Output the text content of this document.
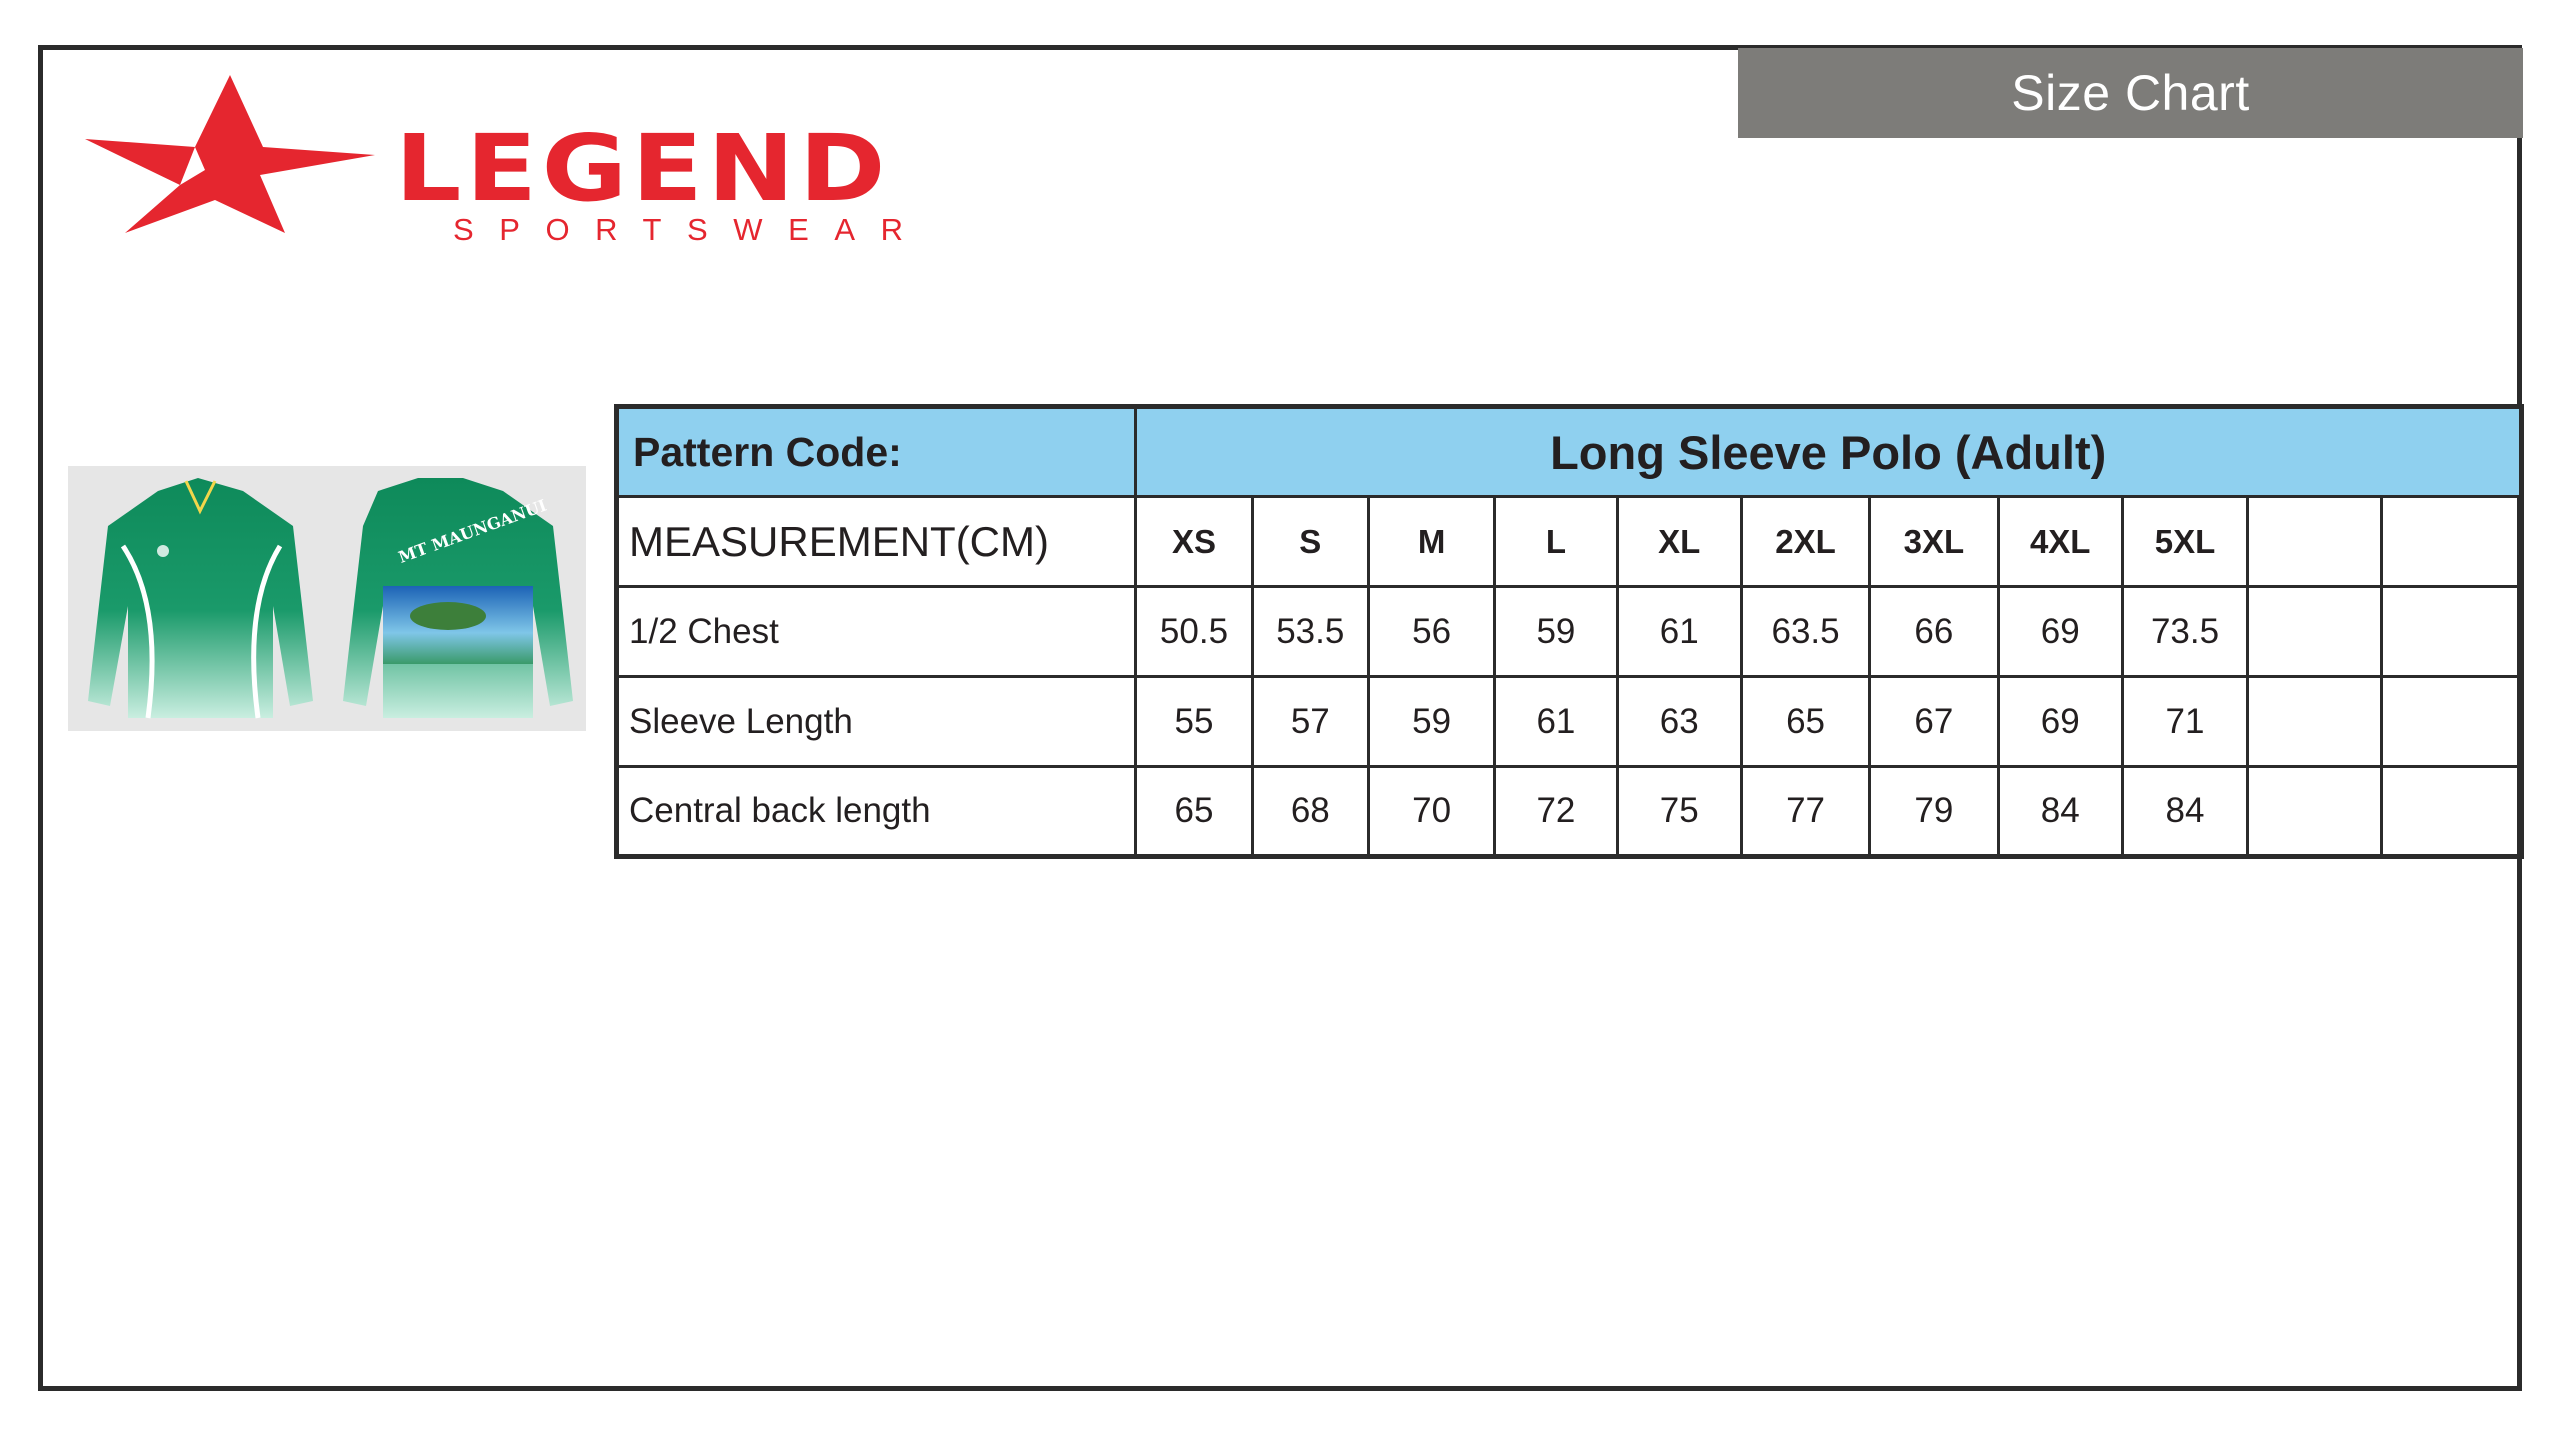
Size Chart
LEGEND
SPORTSWEAR
MT MAUNGANUI
Pattern Code:	Long Sleeve Polo (Adult)										
MEASUREMENT(CM)	XS	S	M	L	XL	2XL	3XL	4XL	5XL		
1/2 Chest	50.5	53.5	56	59	61	63.5	66	69	73.5		
Sleeve Length	55	57	59	61	63	65	67	69	71		
Central back length	65	68	70	72	75	77	79	84	84		
